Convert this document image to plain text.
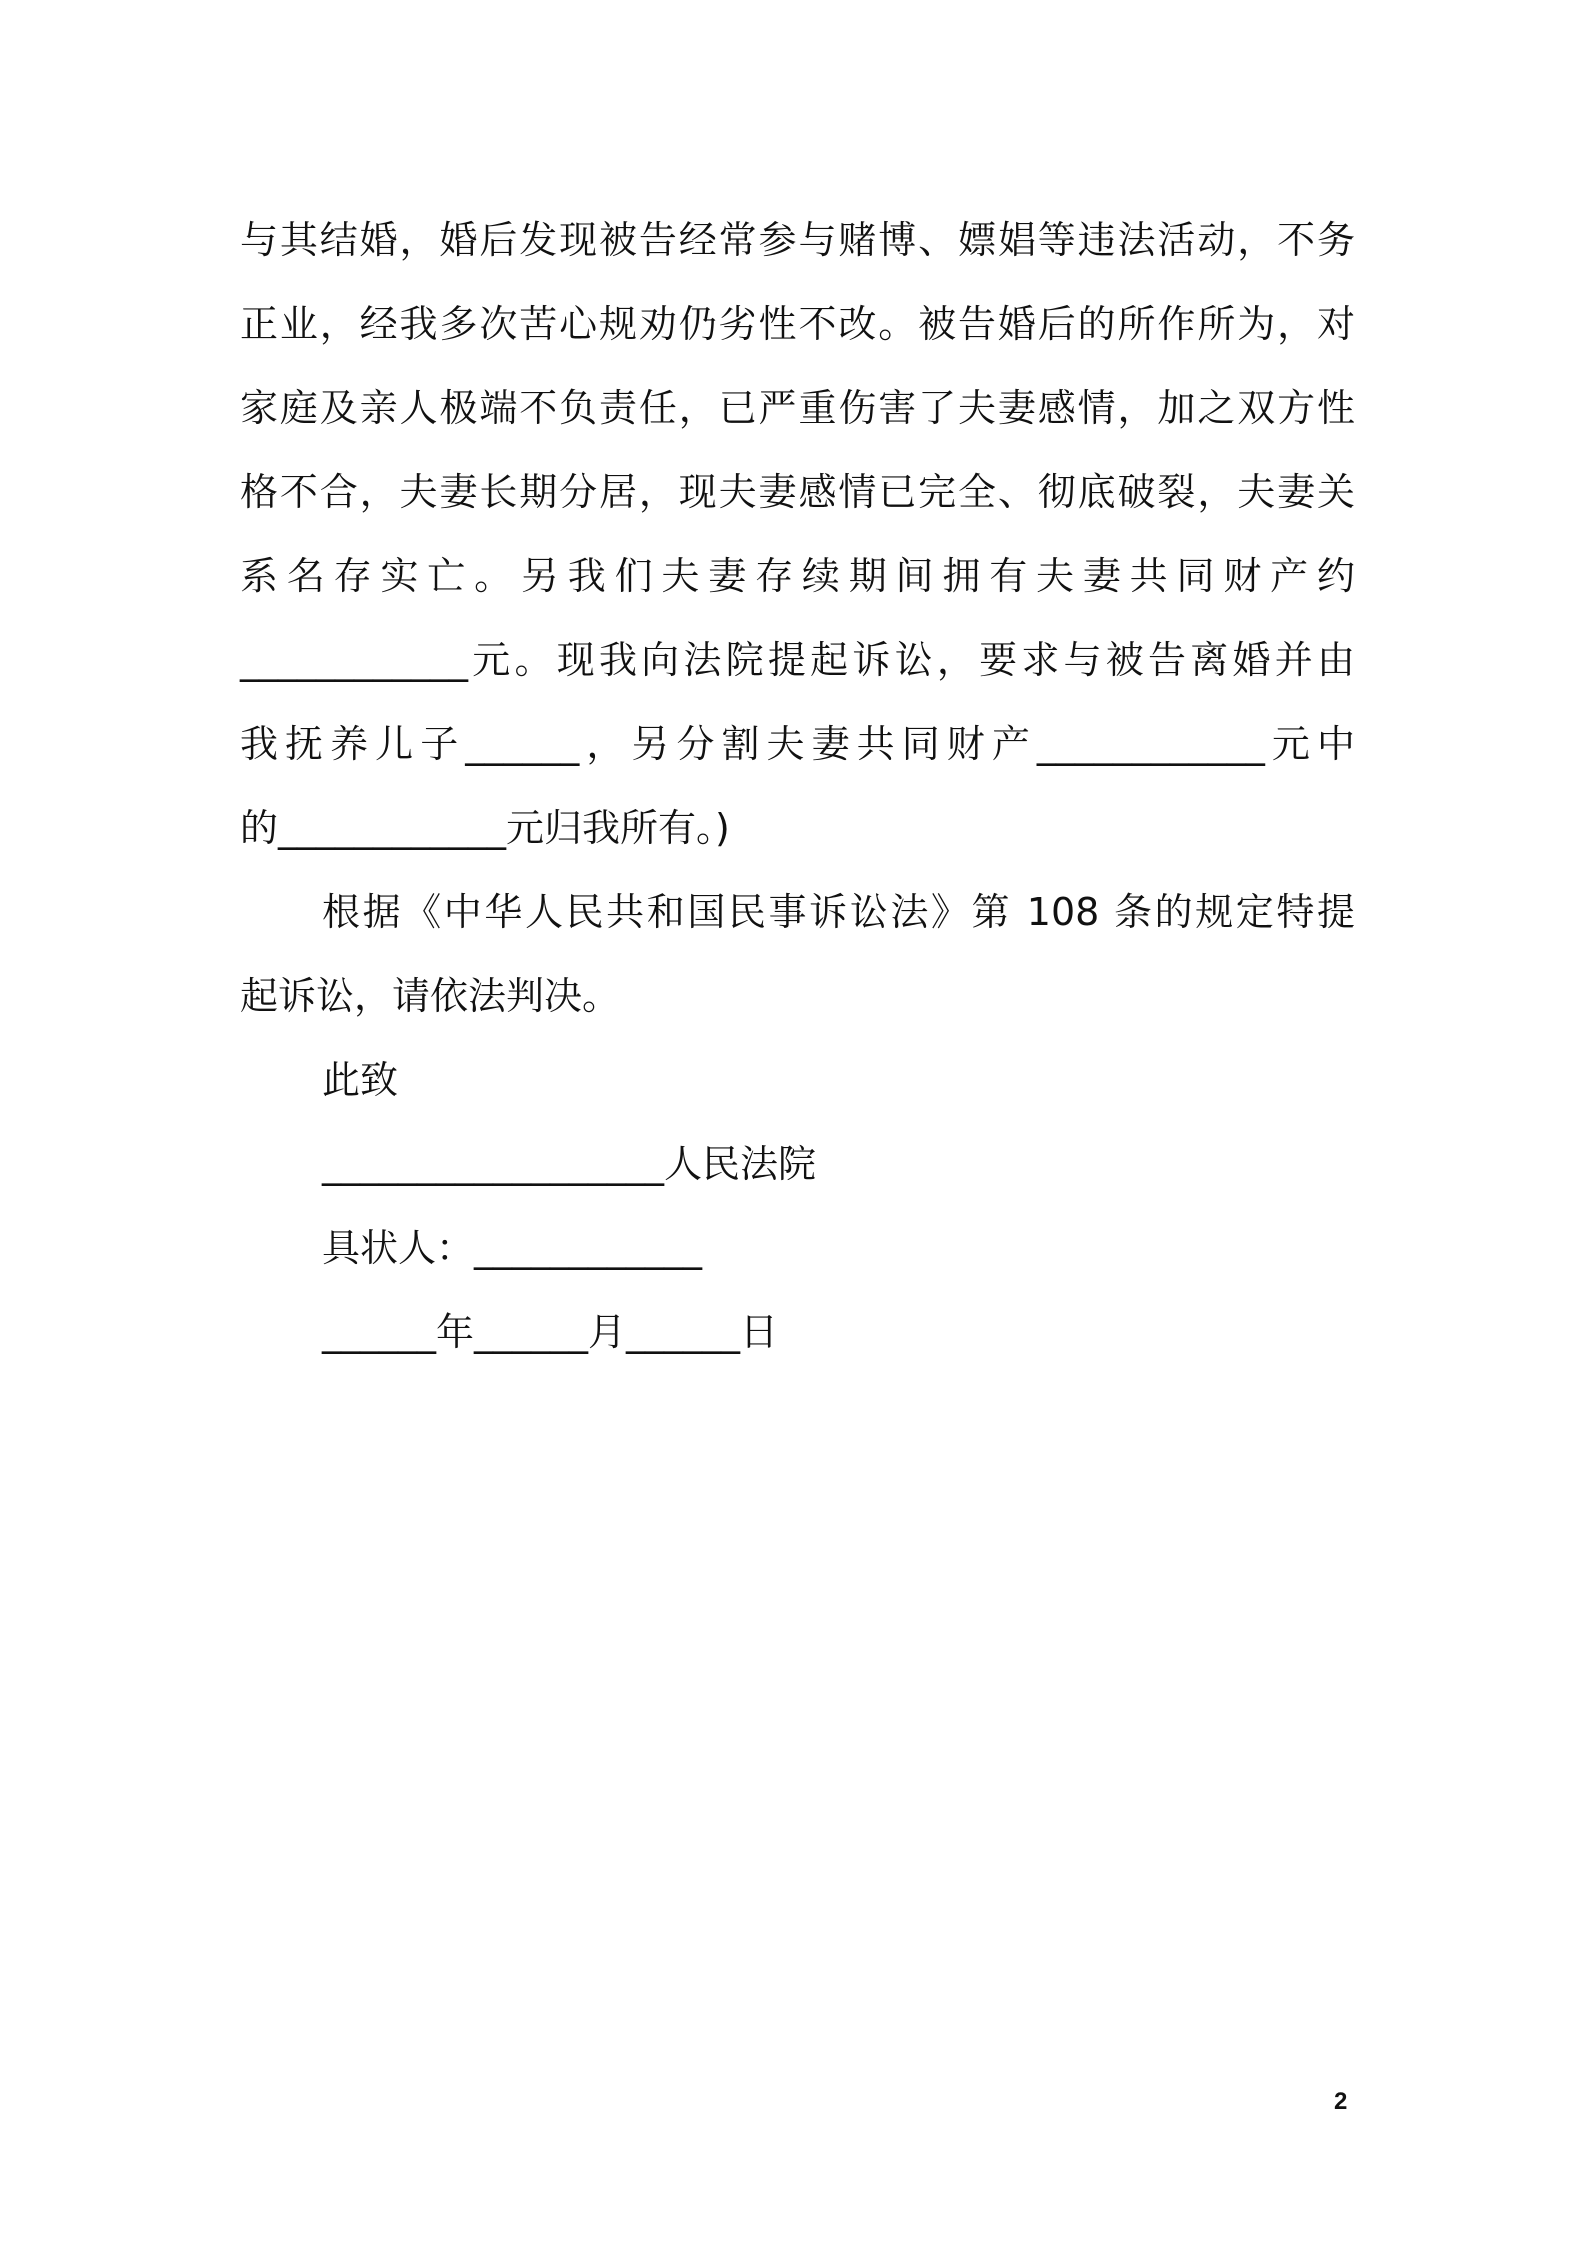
与其结婚，婚后发现被告经常参与赌博、嫖娼等违法活动，不务
正业，经我多次苦心规劝仍劣性不改。被告婚后的所作所为，对
家庭及亲人极端不负责任，已严重伤害了夫妻感情，加之双方性
格不合，夫妻长期分居，现夫妻感情已完全、彻底破裂，夫妻关
系名存实亡。另我们夫妻存续期间拥有夫妻共同财产约
____________元。现我向法院提起诉讼，要求与被告离婚并由
我抚养儿子______，另分割夫妻共同财产____________元中
的____________元归我所有。)
根据《中华人民共和国民事诉讼法》第 108 条的规定特提
起诉讼，请依法判决。
此致
__________________人民法院
具状人：____________
______年______月______日
2
